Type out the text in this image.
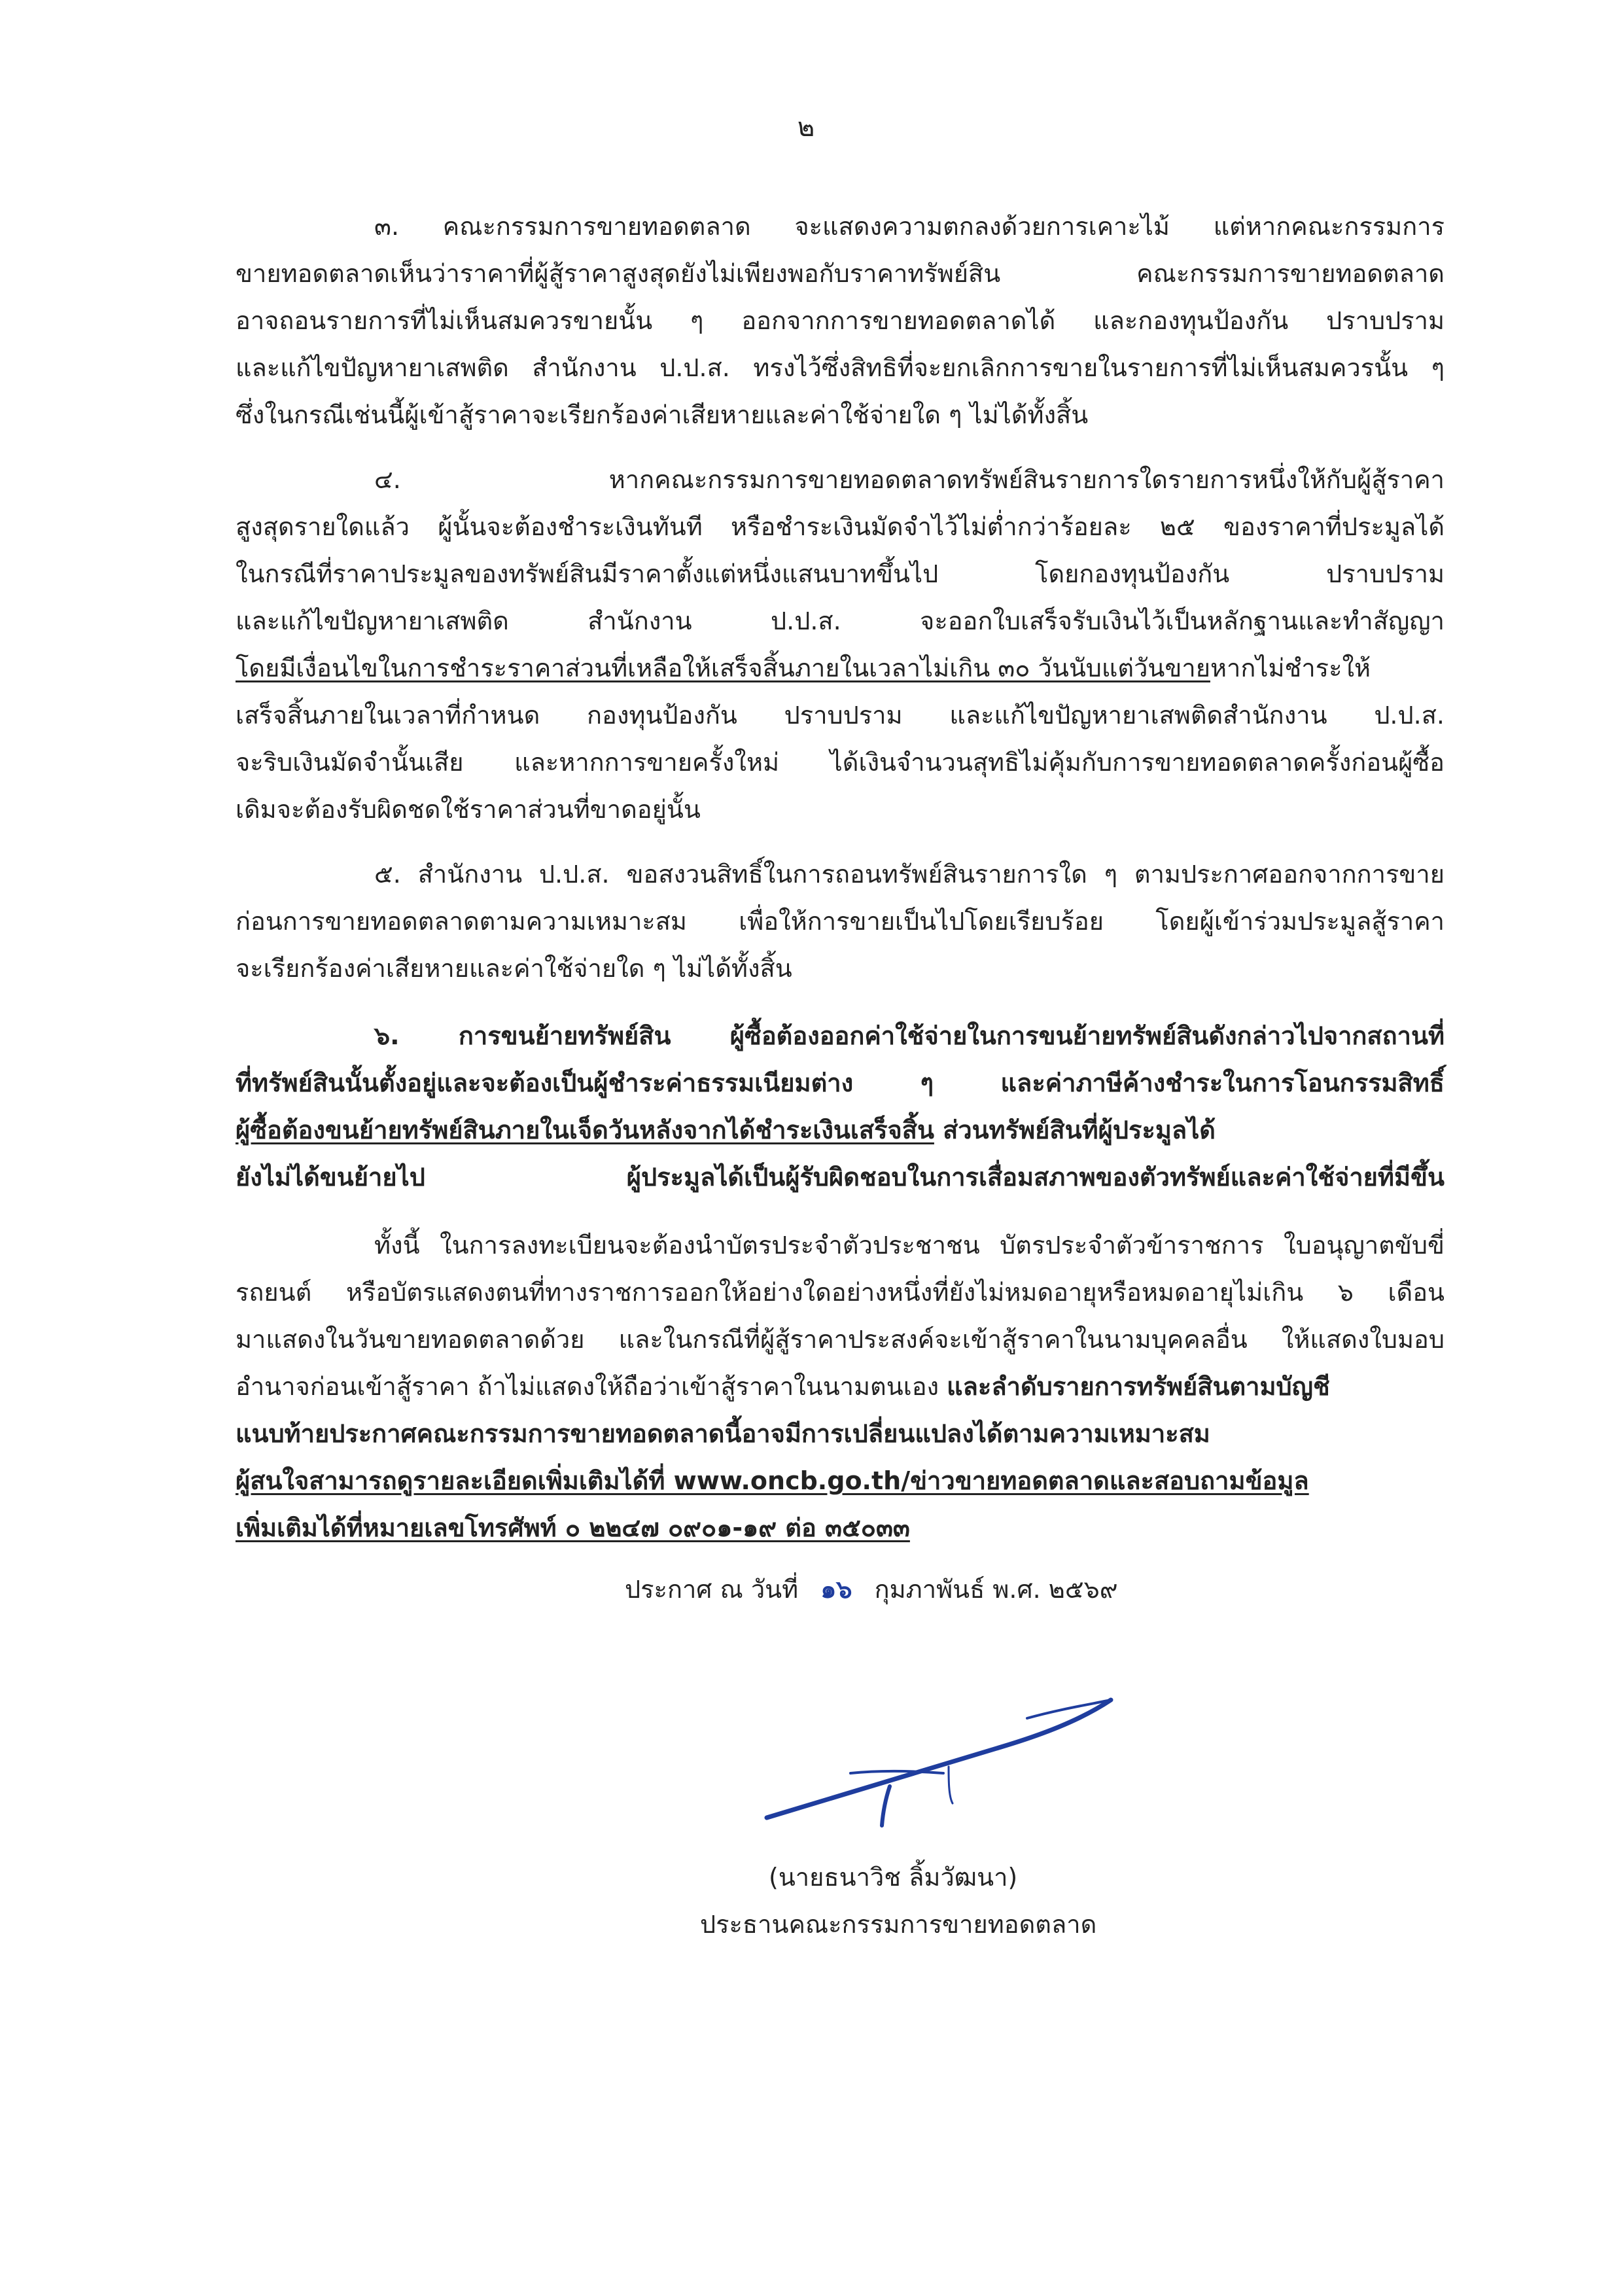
๒
๓. คณะกรรมการขายทอดตลาด จะแสดงความตกลงด้วยการเคาะไม้ แต่หากคณะกรรมการ
ขายทอดตลาดเห็นว่าราคาที่ผู้สู้ราคาสูงสุดยังไม่เพียงพอกับราคาทรัพย์สิน คณะกรรมการขายทอดตลาด
อาจถอนรายการที่ไม่เห็นสมควรขายนั้น ๆ ออกจากการขายทอดตลาดได้ และกองทุนป้องกัน ปราบปราม
และแก้ไขปัญหายาเสพติด สำนักงาน ป.ป.ส. ทรงไว้ซึ่งสิทธิที่จะยกเลิกการขายในรายการที่ไม่เห็นสมควรนั้น ๆ
ซึ่งในกรณีเช่นนี้ผู้เข้าสู้ราคาจะเรียกร้องค่าเสียหายและค่าใช้จ่ายใด ๆ ไม่ได้ทั้งสิ้น
๔. หากคณะกรรมการขายทอดตลาดทรัพย์สินรายการใดรายการหนึ่งให้กับผู้สู้ราคา
สูงสุดรายใดแล้ว ผู้นั้นจะต้องชำระเงินทันที หรือชำระเงินมัดจำไว้ไม่ต่ำกว่าร้อยละ ๒๕ ของราคาที่ประมูลได้
ในกรณีที่ราคาประมูลของทรัพย์สินมีราคาตั้งแต่หนึ่งแสนบาทขึ้นไป โดยกองทุนป้องกัน ปราบปราม
และแก้ไขปัญหายาเสพติด สำนักงาน ป.ป.ส. จะออกใบเสร็จรับเงินไว้เป็นหลักฐานและทำสัญญา
โดยมีเงื่อนไขในการชำระราคาส่วนที่เหลือให้เสร็จสิ้นภายในเวลาไม่เกิน ๓๐ วันนับแต่วันขายหากไม่ชำระให้
เสร็จสิ้นภายในเวลาที่กำหนด กองทุนป้องกัน ปราบปราม และแก้ไขปัญหายาเสพติดสำนักงาน ป.ป.ส.
จะริบเงินมัดจำนั้นเสีย และหากการขายครั้งใหม่ ได้เงินจำนวนสุทธิไม่คุ้มกับการขายทอดตลาดครั้งก่อนผู้ซื้อ
เดิมจะต้องรับผิดชดใช้ราคาส่วนที่ขาดอยู่นั้น
๕. สำนักงาน ป.ป.ส. ขอสงวนสิทธิ์ในการถอนทรัพย์สินรายการใด ๆ ตามประกาศออกจากการขาย
ก่อนการขายทอดตลาดตามความเหมาะสม เพื่อให้การขายเป็นไปโดยเรียบร้อย โดยผู้เข้าร่วมประมูลสู้ราคา
จะเรียกร้องค่าเสียหายและค่าใช้จ่ายใด ๆ ไม่ได้ทั้งสิ้น
๖. การขนย้ายทรัพย์สิน ผู้ซื้อต้องออกค่าใช้จ่ายในการขนย้ายทรัพย์สินดังกล่าวไปจากสถานที่
ที่ทรัพย์สินนั้นตั้งอยู่และจะต้องเป็นผู้ชำระค่าธรรมเนียมต่าง ๆ และค่าภาษีค้างชำระในการโอนกรรมสิทธิ์
ผู้ซื้อต้องขนย้ายทรัพย์สินภายในเจ็ดวันหลังจากได้ชำระเงินเสร็จสิ้น ส่วนทรัพย์สินที่ผู้ประมูลได้
ยังไม่ได้ขนย้ายไป ผู้ประมูลได้เป็นผู้รับผิดชอบในการเสื่อมสภาพของตัวทรัพย์และค่าใช้จ่ายที่มีขึ้น
ทั้งนี้ ในการลงทะเบียนจะต้องนำบัตรประจำตัวประชาชน บัตรประจำตัวข้าราชการ ใบอนุญาตขับขี่
รถยนต์ หรือบัตรแสดงตนที่ทางราชการออกให้อย่างใดอย่างหนึ่งที่ยังไม่หมดอายุหรือหมดอายุไม่เกิน ๖ เดือน
มาแสดงในวันขายทอดตลาดด้วย และในกรณีที่ผู้สู้ราคาประสงค์จะเข้าสู้ราคาในนามบุคคลอื่น ให้แสดงใบมอบ
อำนาจก่อนเข้าสู้ราคา ถ้าไม่แสดงให้ถือว่าเข้าสู้ราคาในนามตนเอง และลำดับรายการทรัพย์สินตามบัญชี
แนบท้ายประกาศคณะกรรมการขายทอดตลาดนี้อาจมีการเปลี่ยนแปลงได้ตามความเหมาะสม
ผู้สนใจสามารถดูรายละเอียดเพิ่มเติมได้ที่ www.oncb.go.th/ข่าวขายทอดตลาดและสอบถามข้อมูล
เพิ่มเติมได้ที่หมายเลขโทรศัพท์ ๐ ๒๒๔๗ ๐๙๐๑-๑๙ ต่อ ๓๕๐๓๓
ประกาศ ณ วันที่ ๑๖ กุมภาพันธ์ พ.ศ. ๒๕๖๙
(นายธนาวิช ลิ้มวัฒนา)
ประธานคณะกรรมการขายทอดตลาด
